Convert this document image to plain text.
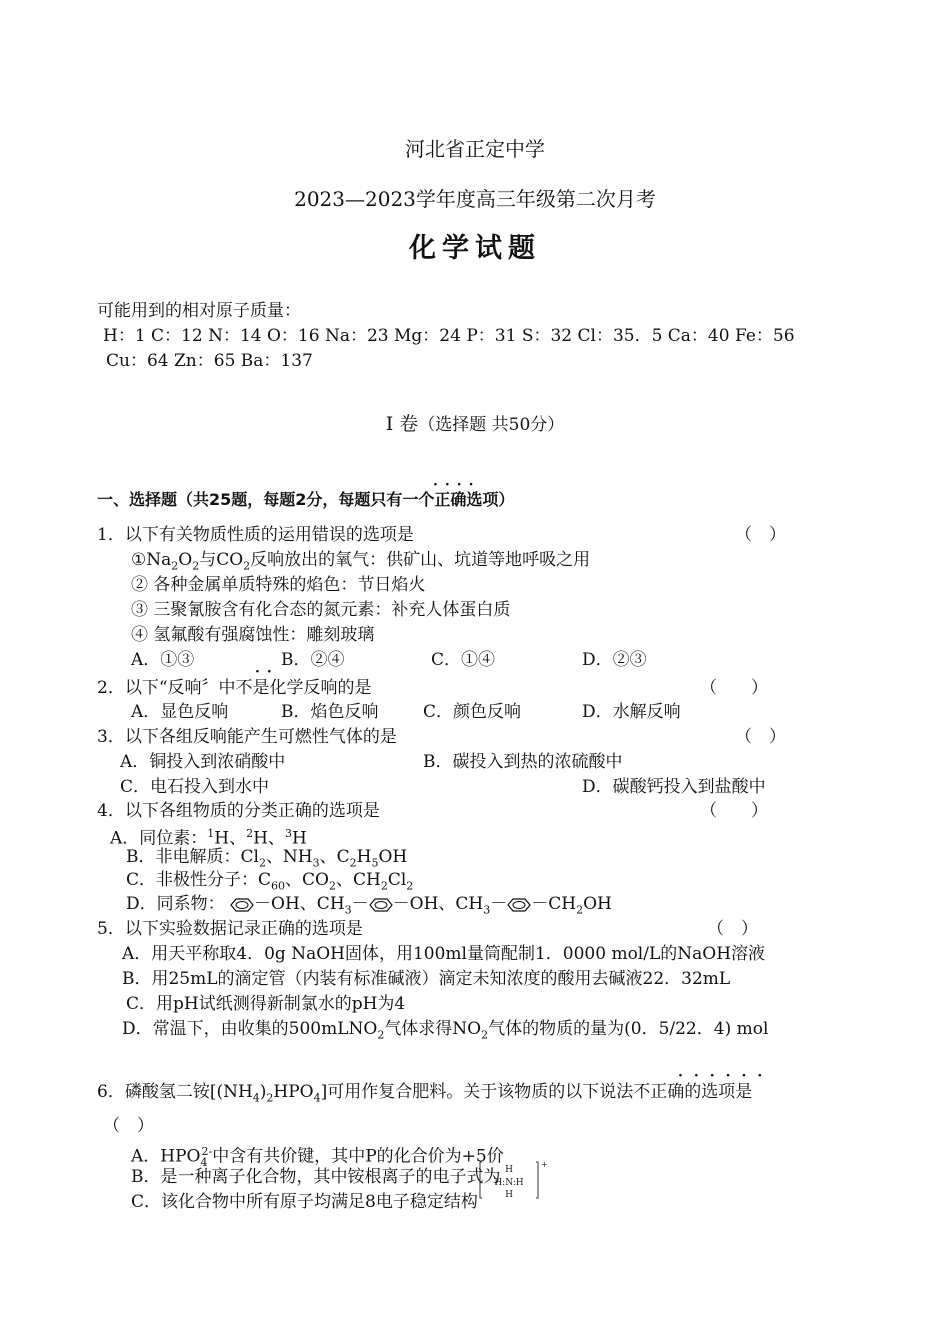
河北省正定中学
2023—2023学年度高三年级第二次月考
化学试题
可能用到的相对原子质量：
H：1 C：12 N：14 O：16 Na：23 Mg：24 P：31 S：32 Cl：35．5 Ca：40 Fe：56
Cu：64 Zn：65 Ba：137
Ⅰ 卷（选择题 共50分）
····
一、选择题（共25题，每题2分，每题只有一个正确选项）
1．以下有关物质性质的运用错误的选项是	（　）
$①Na_2O_2$与$CO_2$反响放出的氧气：供矿山、坑道等地呼吸之用
② 各种金属单质特殊的焰色：节日焰火
③ 三聚氰胺含有化合态的氮元素：补充人体蛋白质
④ 氢氟酸有强腐蚀性：雕刻玻璃
A．①③	B．②④	C．①④	D．②③
··
2．以下“反响〞中不是化学反响的是	（　　）
A．显色反响	B．焰色反响	C．颜色反响	D．水解反响
3．以下各组反响能产生可燃性气体的是	（　）
A．铜投入到浓硝酸中	B．碳投入到热的浓硫酸中
C．电石投入到水中	D．碳酸钙投入到盐酸中
4．以下各组物质的分类正确的选项是	（　　）
A．同位素：$^1$H、$^2$H、$^3$H
B．非电解质：$Cl_2$、$NH_3$、$C_2H_5OH$
C．非极性分子：$C_{60}$、$CO_2$、$CH_2Cl_2$
D．同系物： －OH、$CH_3- -OH$、$CH_3- -CH_2OH$
5．以下实验数据记录正确的选项是	（　）
A．用天平称取4．0g NaOH固体，用100ml量筒配制1．0000 mol/L的NaOH溶液
B．用25mL的滴定管（内装有标准碱液）滴定未知浓度的酸用去碱液22．32mL
C．用pH试纸测得新制氯水的pH为4
D．常温下，由收集的500mLNO$_2$气体求得$NO_2$气体的物质的量为(0．5/22．4) mol
······
6．磷酸氢二铵$[(NH_4)_2HPO_4]$可用作复合肥料。关于该物质的以下说法不正确的选项是
（　）
A．$HPO_4^{2-}$中含有共价键，其中P的化合价为+5价
B．是一种离子化合物，其中铵根离子的电子式为 H
H:N:H
H
+
C．该化合物中所有原子均满足8电子稳定结构
